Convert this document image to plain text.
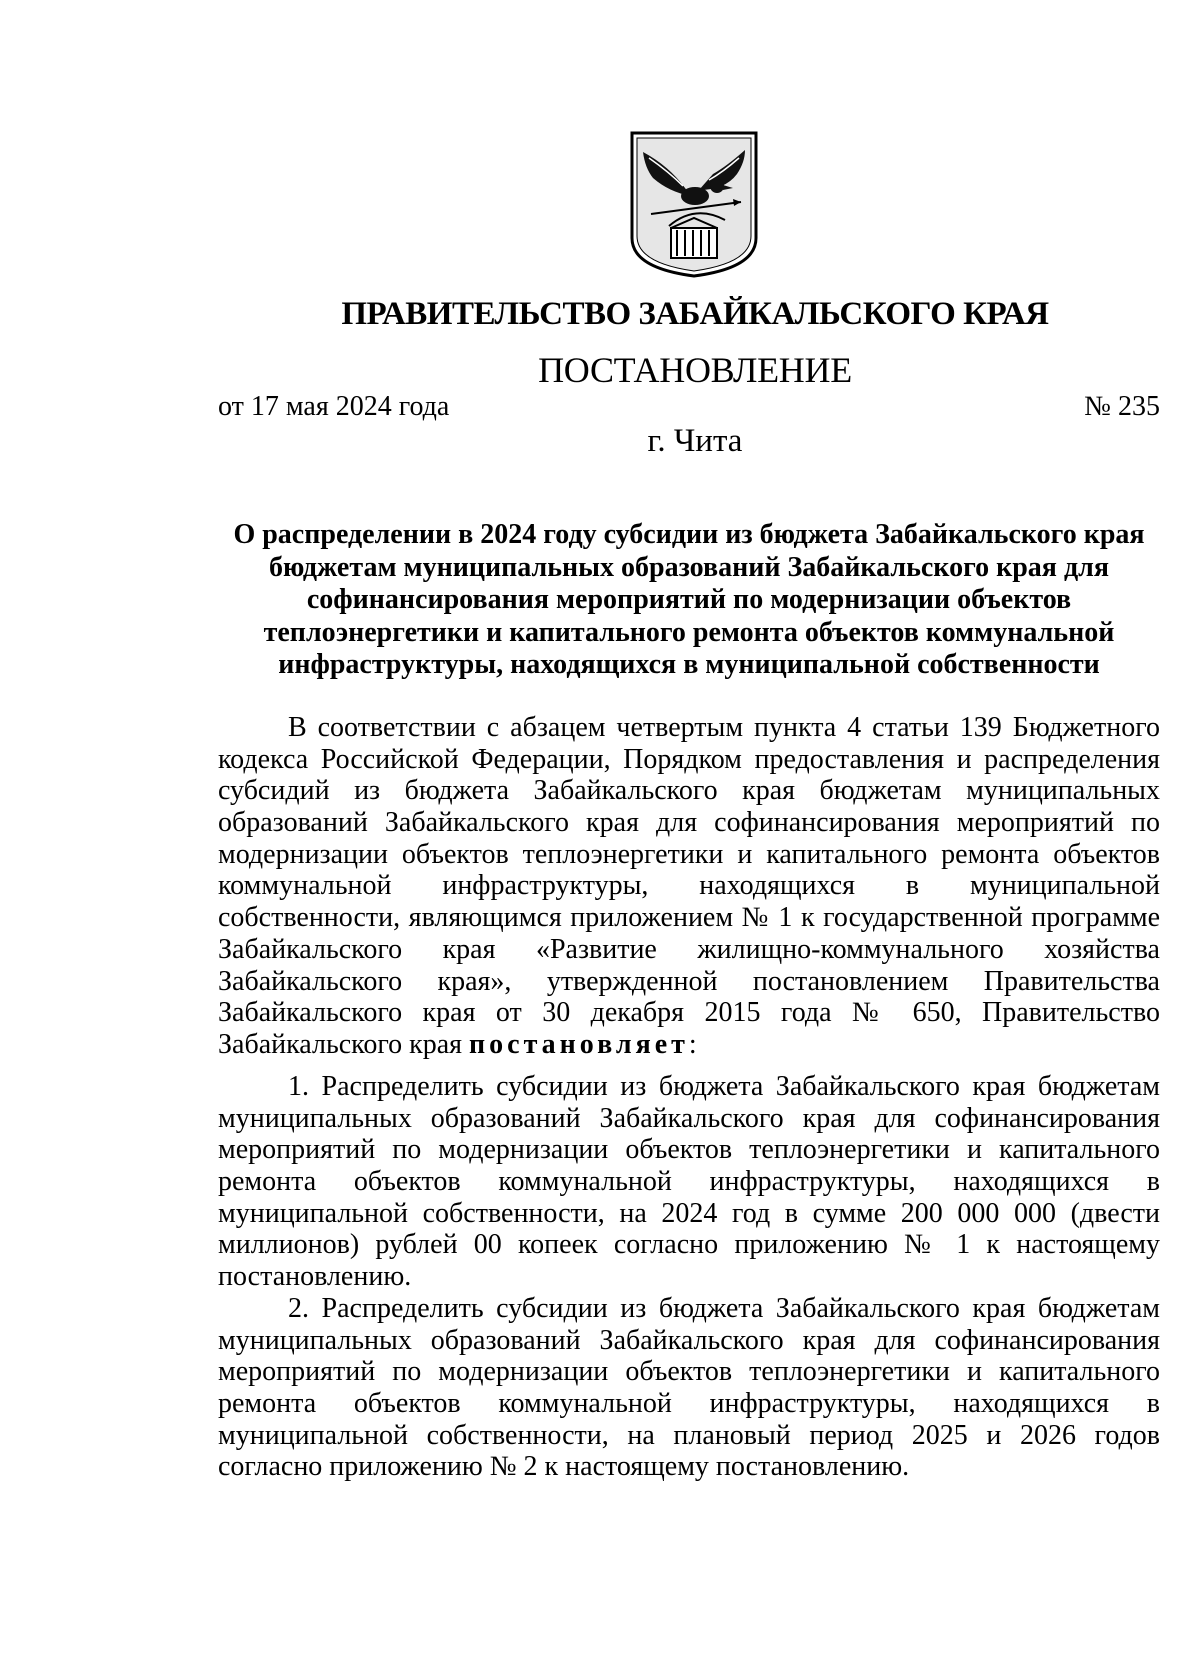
ПРАВИТЕЛЬСТВО ЗАБАЙКАЛЬСКОГО КРАЯ
ПОСТАНОВЛЕНИЕ
от 17 мая 2024 года	№ 235
г. Чита
О распределении в 2024 году субсидии из бюджета Забайкальского края
бюджетам муниципальных образований Забайкальского края для
софинансирования мероприятий по модернизации объектов
теплоэнергетики и капитального ремонта объектов коммунальной
инфраструктуры, находящихся в муниципальной собственности
В соответствии с абзацем четвертым пункта 4 статьи 139 Бюджетного
кодекса Российской Федерации, Порядком предоставления и распределения
субсидий из бюджета Забайкальского края бюджетам муниципальных
образований Забайкальского края для софинансирования мероприятий по
модернизации объектов теплоэнергетики и капитального ремонта объектов
коммунальной инфраструктуры, находящихся в муниципальной
собственности, являющимся приложением № 1 к государственной программе
Забайкальского края «Развитие жилищно-коммунального хозяйства
Забайкальского края», утвержденной постановлением Правительства
Забайкальского края от 30 декабря 2015 года № 650, Правительство
Забайкальского края постановляет:
1. Распределить субсидии из бюджета Забайкальского края бюджетам
муниципальных образований Забайкальского края для софинансирования
мероприятий по модернизации объектов теплоэнергетики и капитального
ремонта объектов коммунальной инфраструктуры, находящихся в
муниципальной собственности, на 2024 год в сумме 200 000 000 (двести
миллионов) рублей 00 копеек согласно приложению № 1 к настоящему
постановлению.
2. Распределить субсидии из бюджета Забайкальского края бюджетам
муниципальных образований Забайкальского края для софинансирования
мероприятий по модернизации объектов теплоэнергетики и капитального
ремонта объектов коммунальной инфраструктуры, находящихся в
муниципальной собственности, на плановый период 2025 и 2026 годов
согласно приложению № 2 к настоящему постановлению.
